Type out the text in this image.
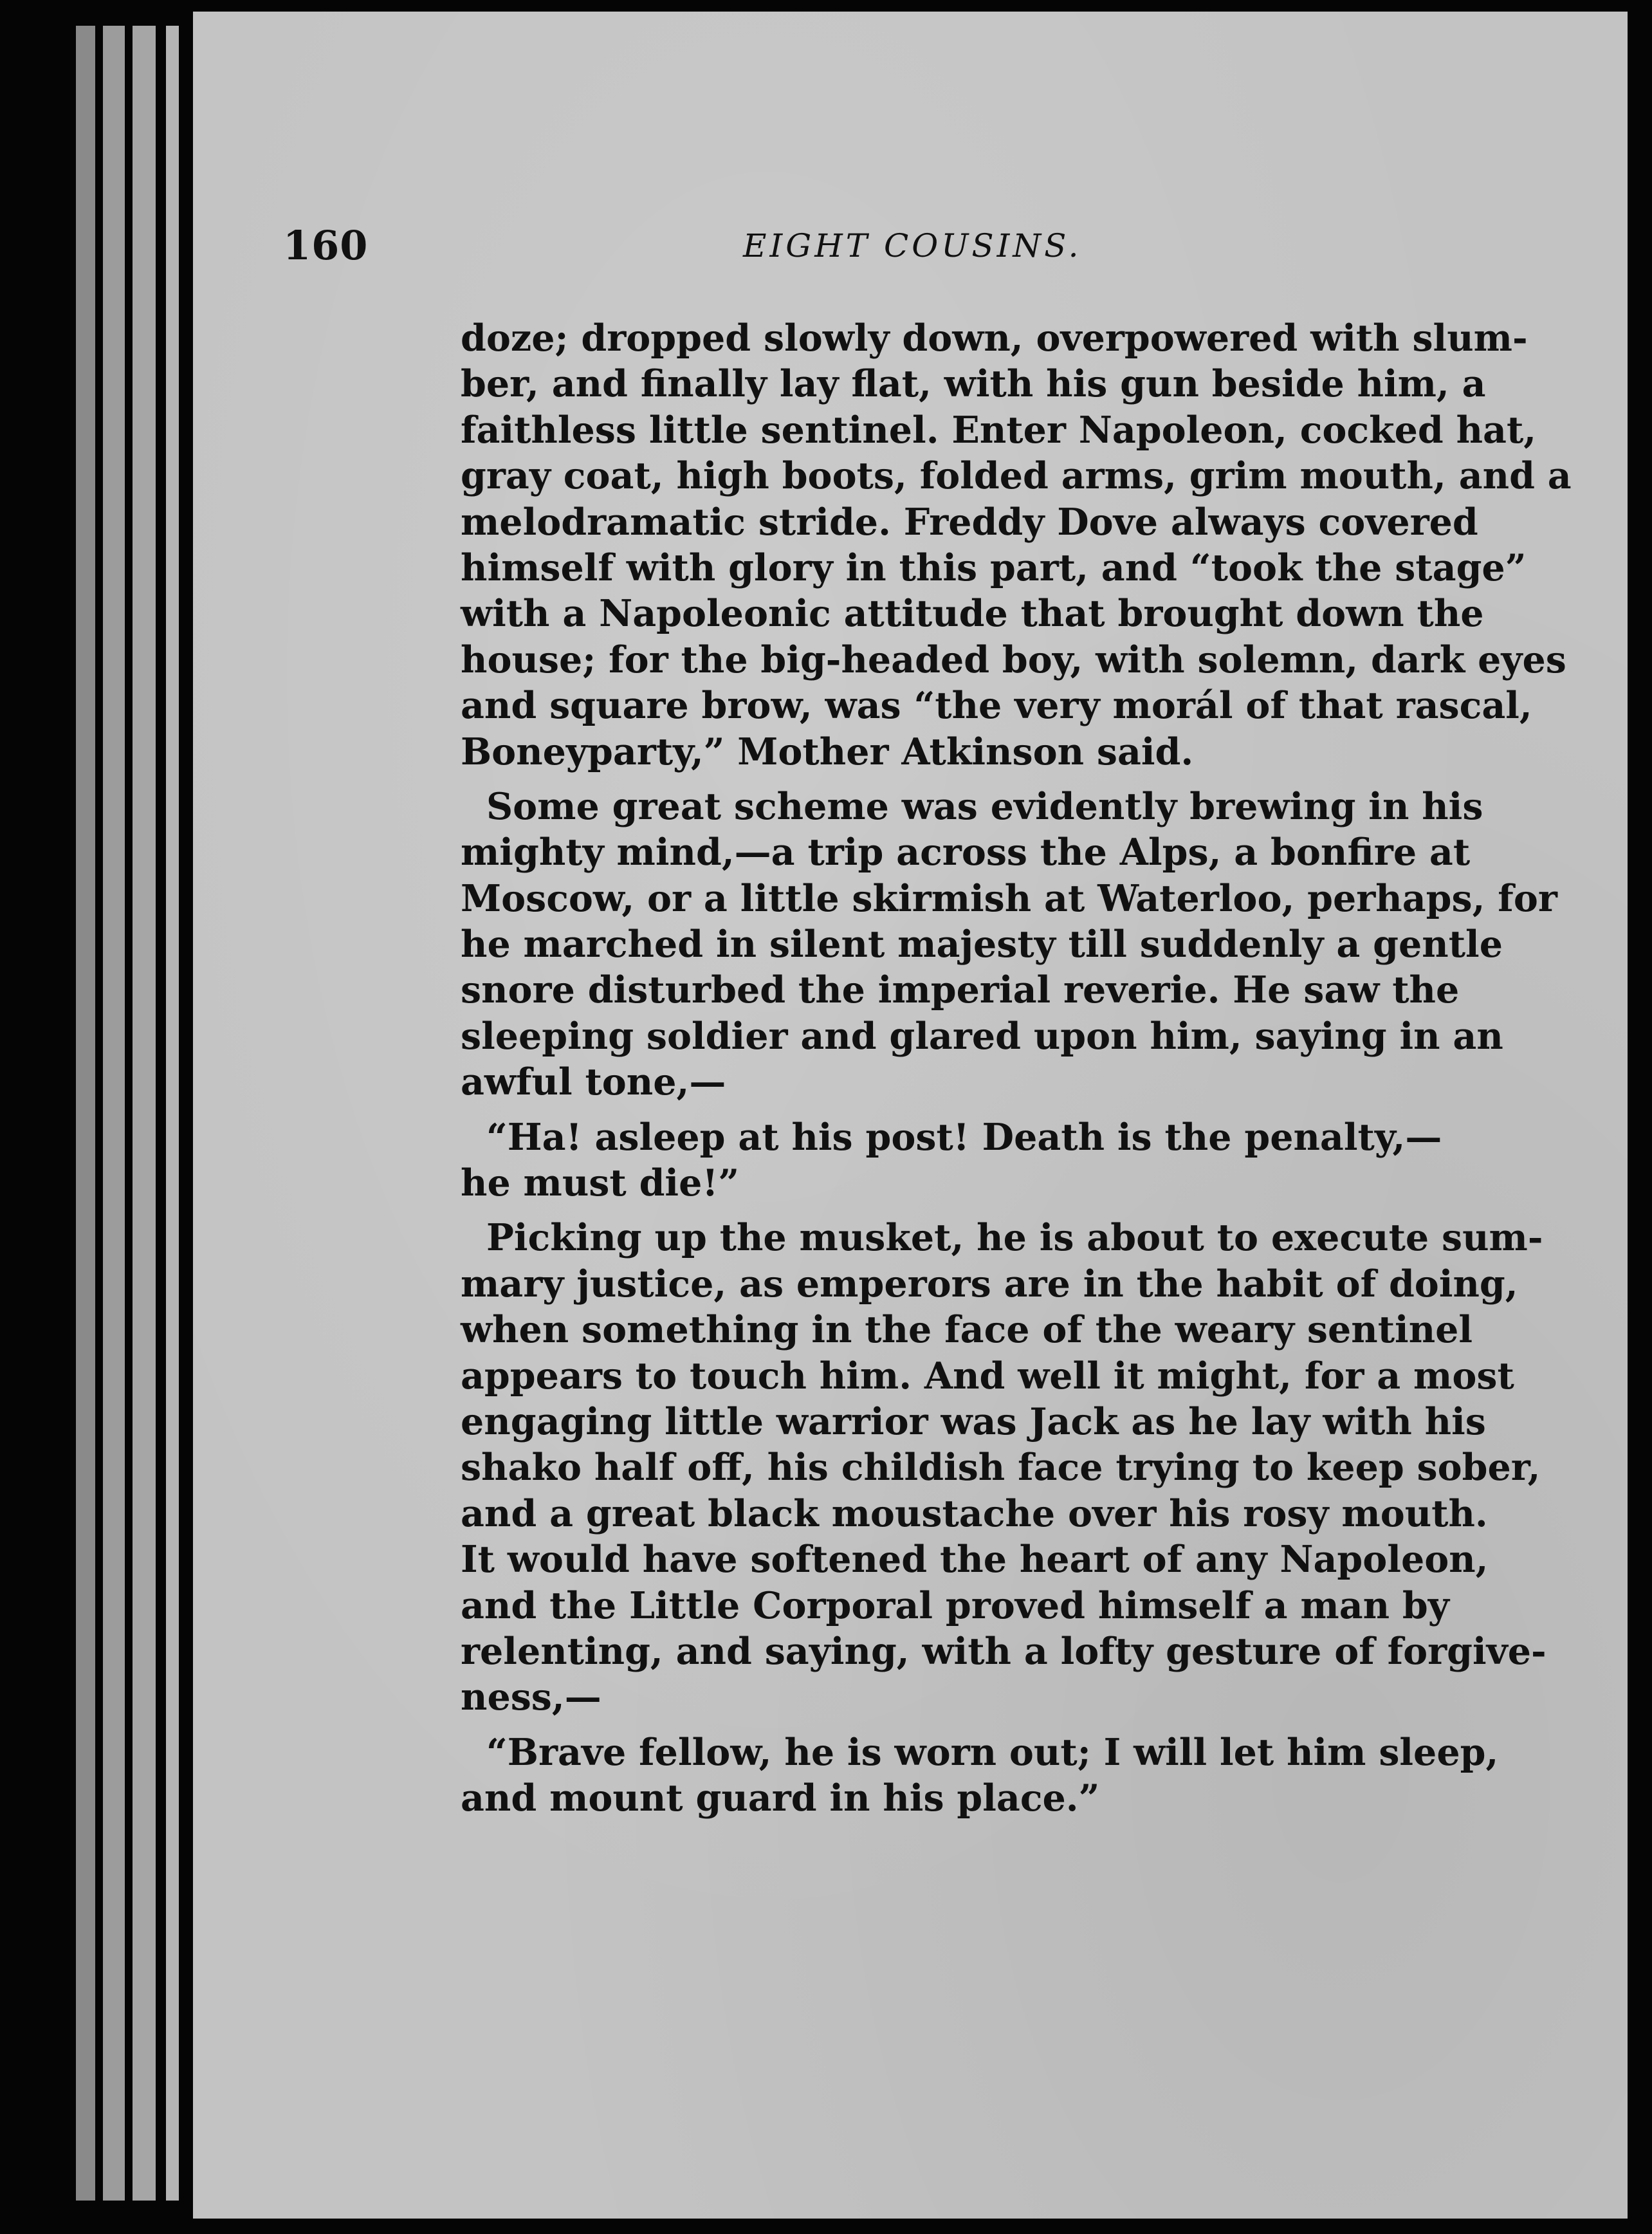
160	EIGHT COUSINS.
doze; dropped slowly down, overpowered with slum-
ber, and finally lay flat, with his gun beside him, a
faithless little sentinel. Enter Napoleon, cocked hat,
gray coat, high boots, folded arms, grim mouth, and a
melodramatic stride. Freddy Dove always covered
himself with glory in this part, and “took the stage”
with a Napoleonic attitude that brought down the
house; for the big-headed boy, with solemn, dark eyes
and square brow, was “the very morál of that rascal,
Boneyparty,” Mother Atkinson said.
Some great scheme was evidently brewing in his
mighty mind,—a trip across the Alps, a bonfire at
Moscow, or a little skirmish at Waterloo, perhaps, for
he marched in silent majesty till suddenly a gentle
snore disturbed the imperial reverie. He saw the
sleeping soldier and glared upon him, saying in an
awful tone,—
“Ha! asleep at his post! Death is the penalty,—
he must die!”
Picking up the musket, he is about to execute sum-
mary justice, as emperors are in the habit of doing,
when something in the face of the weary sentinel
appears to touch him. And well it might, for a most
engaging little warrior was Jack as he lay with his
shako half off, his childish face trying to keep sober,
and a great black moustache over his rosy mouth.
It would have softened the heart of any Napoleon,
and the Little Corporal proved himself a man by
relenting, and saying, with a lofty gesture of forgive-
ness,—
“Brave fellow, he is worn out; I will let him sleep,
and mount guard in his place.”
